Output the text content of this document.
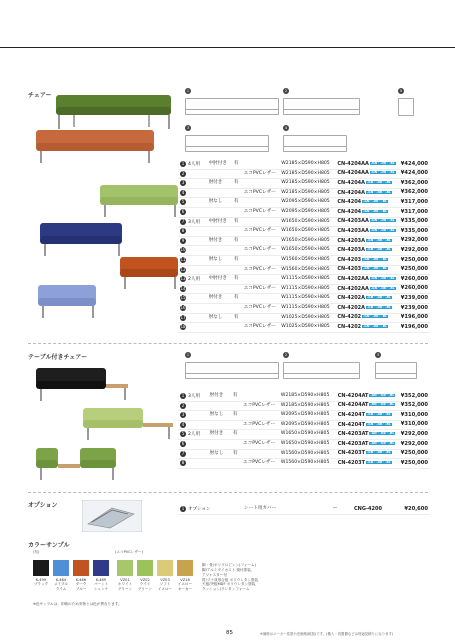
チェアー
1	2
3	4
5
1 4人用	中肘付き	有		W2185×D590×H805	CN-4204AA -GN・-OR・-BL	¥424,000
2			エコPVCレザー	W2185×D590×H805	CN-4204AA -GN・-OR・-BL	¥424,000
3	肘付き	有		W2185×D590×H805	CN-4204A -GN・-OR・-BL	¥362,000
4			エコPVCレザー	W2185×D590×H805	CN-4204A -GN・-OR・-BL	¥362,000
5	肘なし	有		W2095×D590×H805	CN-4204 -GN・-OR・-BL	¥317,000
6			エコPVCレザー	W2095×D590×H805	CN-4204 -GN・-OR・-BL	¥317,000
7 3人用	中肘付き	有		W1650×D590×H805	CN-4203AA -GN・-OR・-BL	¥335,000
8			エコPVCレザー	W1650×D590×H805	CN-4203AA -GN・-OR・-BL	¥335,000
9	肘付き	有		W1650×D590×H805	CN-4203A -GN・-OR・-BL	¥292,000
10			エコPVCレザー	W1650×D590×H805	CN-4203A -GN・-OR・-BL	¥292,000
11	肘なし	有		W1560×D590×H805	CN-4203 -GN・-OR・-BL	¥250,000
12			エコPVCレザー	W1560×D590×H805	CN-4203 -GN・-OR・-BL	¥250,000
13 2人用	中肘付き	有		W1115×D590×H805	CN-4202AA -GN・-OR・-BL	¥260,000
14			エコPVCレザー	W1115×D590×H805	CN-4202AA -GN・-OR・-BL	¥260,000
15	肘付き	有		W1115×D590×H805	CN-4202A -GN・-OR・-BL	¥239,000
16			エコPVCレザー	W1115×D590×H805	CN-4202A -GN・-OR・-BL	¥239,000
17	肘なし	有		W1025×D590×H805	CN-4202 -GN・-OR・-BL	¥196,000
18			エコPVCレザー	W1025×D590×H805	CN-4202 -GN・-OR・-BL	¥196,000
テーブル付きチェアー	1	2	3
1 3人用	肘付き	有		W2185×D590×H805	CN-4204AT -GN・-OR・-BL	¥352,000
2			エコPVCレザー	W2185×D590×H805	CN-4204AT -GN・-OR・-BL	¥352,000
3	肘なし	有		W2095×D590×H805	CN-4204T -GN・-OR・-BL	¥310,000
4			エコPVCレザー	W2095×D590×H805	CN-4204T -GN・-OR・-BL	¥310,000
5 2人用	肘付き	有		W1650×D590×H805	CN-4203AT -GN・-OR・-BL	¥292,000
6			エコPVCレザー	W1650×D590×H805	CN-4203AT -GN・-OR・-BL	¥292,000
7	肘なし	有		W1560×D590×H805	CN-4203T -GN・-OR・-BL	¥250,000
8			エコPVCレザー	W1560×D590×H805	CN-4203T -GN・-OR・-BL	¥250,000
オプション	1 オプション	シート用カバー	—	CNG-4200	¥20,600
カラーサンプル
(布)	(エコPVCレザー)
K-499
ブラック
K-464
メイプル
ライム
K-466
ダーク
ブルー
K-469
バーント
シェンナ
VZ01
ホワイト
グリーン
VZ02
ライト
グリーン
VZ03
ソフト
イエロー
VZ18
イエロー
オーカー
脚・骨/ポリプロピレン(フォーム)
脚/アルミダイカスト 焼付塗装、
アジャスター付
肘/ブナ成形合板 ポリウレタン塗装
天板/突板MDF ポリウレタン塗装
クッション/ウレタンフォーム
※色サンプルは、印刷のため実物とは色が異なります。
85	※価格はメーカー希望小売価格(税抜)です。(搬入・設置費などは別途見積りになります)
